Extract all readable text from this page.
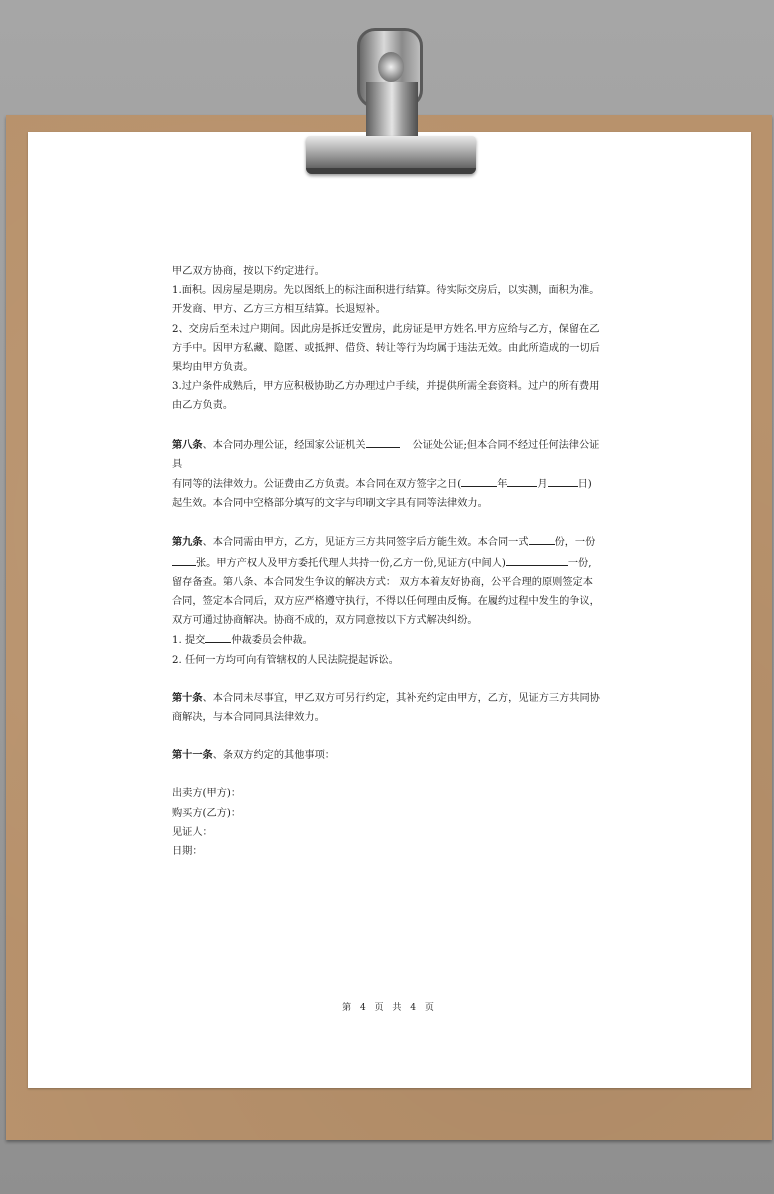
甲乙双方协商，按以下约定进行。

1.面积。因房屋是期房。先以图纸上的标注面积进行结算。待实际交房后，以实测，面积为准。

开发商、甲方、乙方三方相互结算。长退短补。

2、交房后至未过户期间。因此房是拆迁安置房，此房证是甲方姓名.甲方应给与乙方，保留在乙

方手中。因甲方私藏、隐匿、或抵押、借贷、转让等行为均属于违法无效。由此所造成的一切后

果均由甲方负责。

3.过户条件成熟后，甲方应积极协助乙方办理过户手续，并提供所需全套资料。过户的所有费用

由乙方负责。

第八条、本合同办理公证，经国家公证机关	公证处公证;但本合同不经过任何法律公证具

有同等的法律效力。公证费由乙方负责。本合同在双方签字之日(	年	月	日)

起生效。本合同中空格部分填写的文字与印刷文字具有同等法律效力。

第九条、本合同需由甲方，乙方，见证方三方共同签字后方能生效。本合同一式	份，一份

张。甲方产权人及甲方委托代理人共持一份,乙方一份,见证方(中间人)	一份,

留存备查。第八条、本合同发生争议的解决方式： 双方本着友好协商，公平合理的原则签定本

合同，签定本合同后，双方应严格遵守执行，不得以任何理由反悔。在履约过程中发生的争议，

双方可通过协商解决。协商不成的，双方同意按以下方式解决纠纷。

1. 提交	仲裁委员会仲裁。

2. 任何一方均可向有管辖权的人民法院提起诉讼。

第十条、本合同未尽事宜，甲乙双方可另行约定，其补充约定由甲方，乙方，见证方三方共同协

商解决，与本合同同具法律效力。

第十一条、条双方约定的其他事项：

出卖方(甲方)：

购买方(乙方)：

见证人：

日期：

第 4 页 共 4 页
